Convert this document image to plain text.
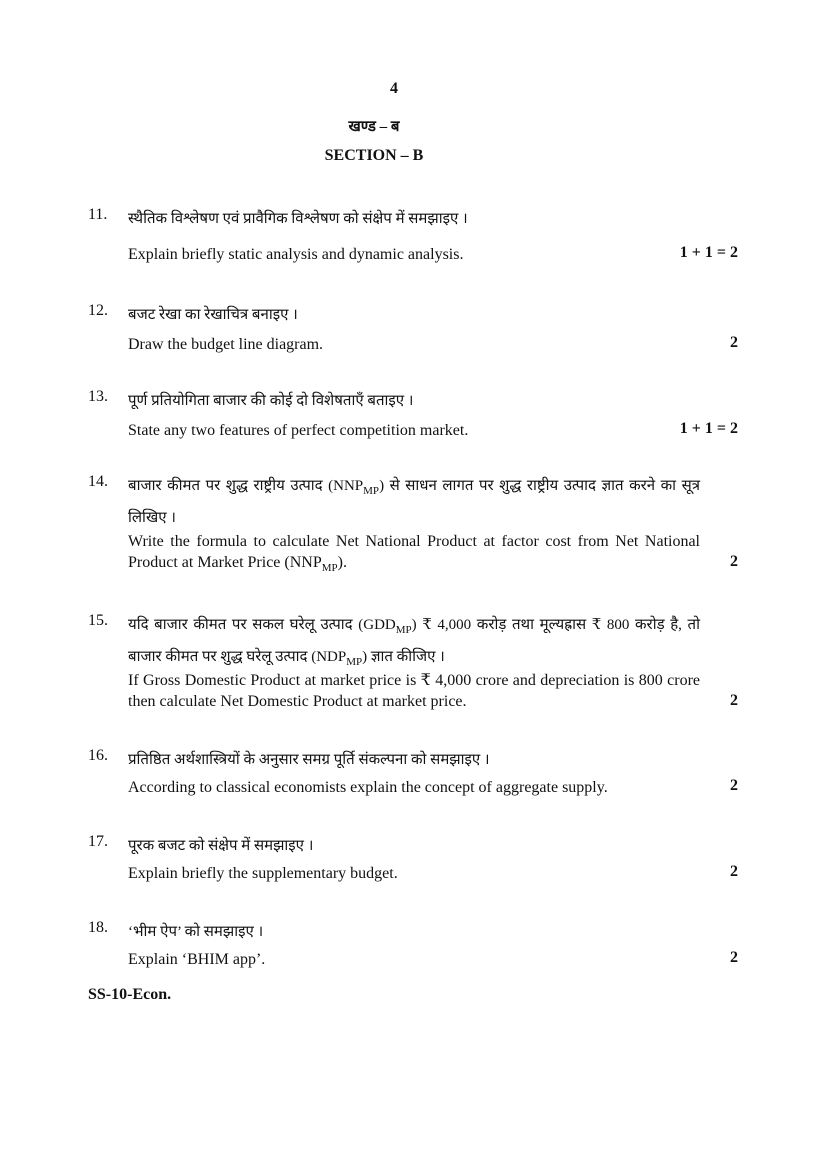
4
खण्ड – ब
SECTION – B
11. स्थैतिक विश्लेषण एवं प्रावैगिक विश्लेषण को संक्षेप में समझाइए ।
Explain briefly static analysis and dynamic analysis.	1 + 1 = 2
12. बजट रेखा का रेखाचित्र बनाइए ।
Draw the budget line diagram.	2
13. पूर्ण प्रतियोगिता बाजार की कोई दो विशेषताएँ बताइए ।
State any two features of perfect competition market.	1 + 1 = 2
14. बाजार कीमत पर शुद्ध राष्ट्रीय उत्पाद $(NNP_{MP})$ से साधन लागत पर शुद्ध राष्ट्रीय उत्पाद ज्ञात करने का सूत्र लिखिए ।
Write the formula to calculate Net National Product at factor cost from Net National Product at Market Price $(NNP_{MP})$.	2
15. यदि बाजार कीमत पर सकल घरेलू उत्पाद $(GDD_{MP})$ ₹ 4,000 करोड़ तथा मूल्यह्रास ₹ 800 करोड़ है, तो बाजार कीमत पर शुद्ध घरेलू उत्पाद $(NDP_{MP})$ ज्ञात कीजिए ।
If Gross Domestic Product at market price is ₹ 4,000 crore and depreciation is 800 crore then calculate Net Domestic Product at market price.	2
16. प्रतिष्ठित अर्थशास्त्रियों के अनुसार समग्र पूर्ति संकल्पना को समझाइए ।
According to classical economists explain the concept of aggregate supply.	2
17. पूरक बजट को संक्षेप में समझाइए ।
Explain briefly the supplementary budget.	2
18. ‘भीम ऐप’ को समझाइए ।
Explain ‘BHIM app’.	2
SS-10-Econ.
